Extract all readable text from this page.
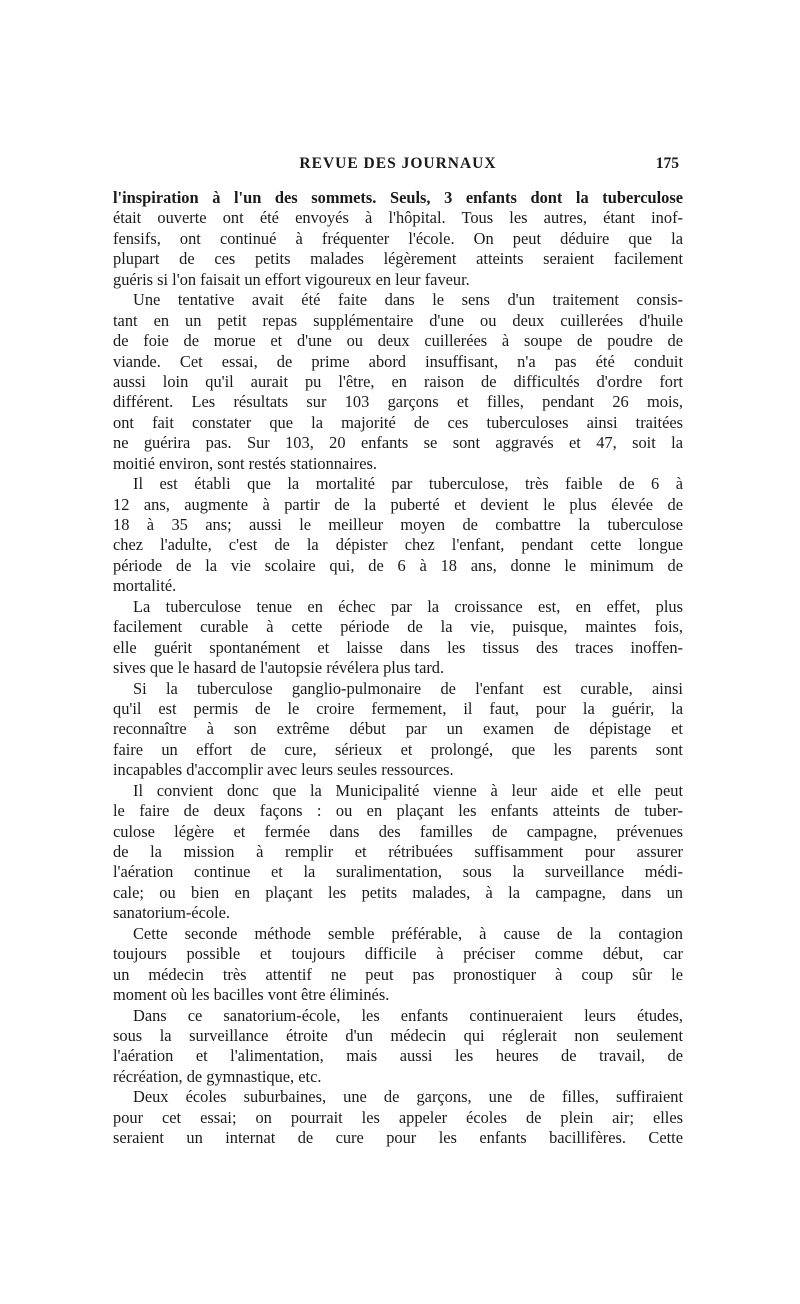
REVUE DES JOURNAUX	175
l'inspiration à l'un des sommets. Seuls, 3 enfants dont la tuberculose
était ouverte ont été envoyés à l'hôpital. Tous les autres, étant inof-
fensifs, ont continué à fréquenter l'école. On peut déduire que la
plupart de ces petits malades légèrement atteints seraient facilement
guéris si l'on faisait un effort vigoureux en leur faveur.
Une tentative avait été faite dans le sens d'un traitement consis-
tant en un petit repas supplémentaire d'une ou deux cuillerées d'huile
de foie de morue et d'une ou deux cuillerées à soupe de poudre de
viande. Cet essai, de prime abord insuffisant, n'a pas été conduit
aussi loin qu'il aurait pu l'être, en raison de difficultés d'ordre fort
différent. Les résultats sur 103 garçons et filles, pendant 26 mois,
ont fait constater que la majorité de ces tuberculoses ainsi traitées
ne guérira pas. Sur 103, 20 enfants se sont aggravés et 47, soit la
moitié environ, sont restés stationnaires.
Il est établi que la mortalité par tuberculose, très faible de 6 à
12 ans, augmente à partir de la puberté et devient le plus élevée de
18 à 35 ans; aussi le meilleur moyen de combattre la tuberculose
chez l'adulte, c'est de la dépister chez l'enfant, pendant cette longue
période de la vie scolaire qui, de 6 à 18 ans, donne le minimum de
mortalité.
La tuberculose tenue en échec par la croissance est, en effet, plus
facilement curable à cette période de la vie, puisque, maintes fois,
elle guérit spontanément et laisse dans les tissus des traces inoffen-
sives que le hasard de l'autopsie révélera plus tard.
Si la tuberculose ganglio-pulmonaire de l'enfant est curable, ainsi
qu'il est permis de le croire fermement, il faut, pour la guérir, la
reconnaître à son extrême début par un examen de dépistage et
faire un effort de cure, sérieux et prolongé, que les parents sont
incapables d'accomplir avec leurs seules ressources.
Il convient donc que la Municipalité vienne à leur aide et elle peut
le faire de deux façons : ou en plaçant les enfants atteints de tuber-
culose légère et fermée dans des familles de campagne, prévenues
de la mission à remplir et rétribuées suffisamment pour assurer
l'aération continue et la suralimentation, sous la surveillance médi-
cale; ou bien en plaçant les petits malades, à la campagne, dans un
sanatorium-école.
Cette seconde méthode semble préférable, à cause de la contagion
toujours possible et toujours difficile à préciser comme début, car
un médecin très attentif ne peut pas pronostiquer à coup sûr le
moment où les bacilles vont être éliminés.
Dans ce sanatorium-école, les enfants continueraient leurs études,
sous la surveillance étroite d'un médecin qui réglerait non seulement
l'aération et l'alimentation, mais aussi les heures de travail, de
récréation, de gymnastique, etc.
Deux écoles suburbaines, une de garçons, une de filles, suffiraient
pour cet essai; on pourrait les appeler écoles de plein air; elles
seraient un internat de cure pour les enfants bacillifères. Cette
